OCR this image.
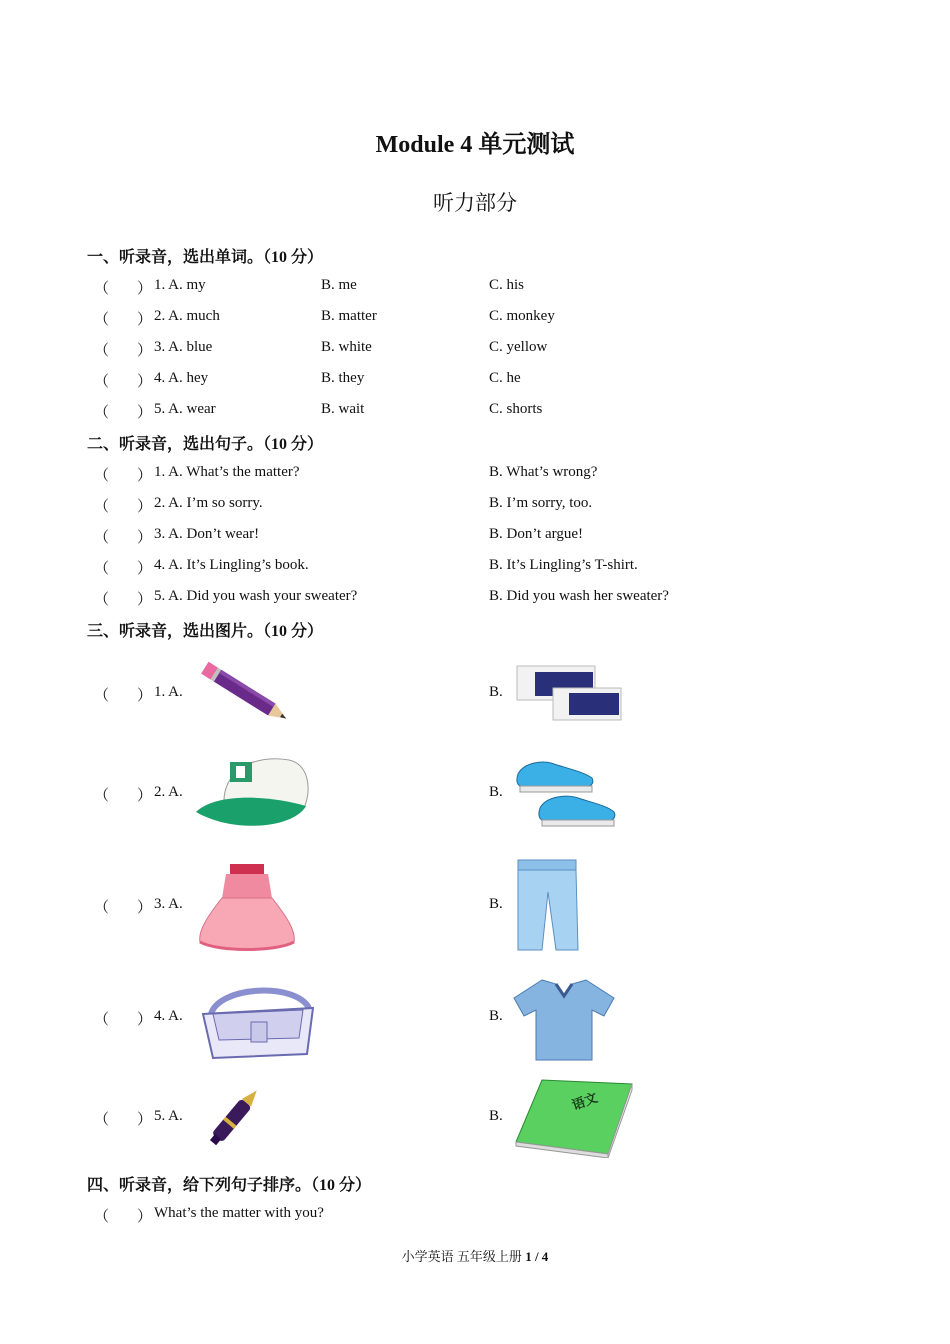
Module 4 单元测试
听力部分
一、听录音，选出单词。（10 分）
（ ） 1. A. my	B. me	C. his
（ ） 2. A. much	B. matter	C. monkey
（ ） 3. A. blue	B. white	C. yellow
（ ） 4. A. hey	B. they	C. he
（ ） 5. A. wear	B. wait	C. shorts
二、听录音，选出句子。（10 分）
（ ） 1. A. What’s the matter?	B. What’s wrong?
（ ） 2. A. I’m so sorry.	B. I’m sorry, too.
（ ） 3. A. Don’t wear!	B. Don’t argue!
（ ） 4. A. It’s Lingling’s book.	B. It’s Lingling’s T-shirt.
（ ） 5. A. Did you wash your sweater?	B. Did you wash her sweater?
三、听录音，选出图片。（10 分）
（ ） 1. A.	B.
（ ） 2. A.	B.
（ ） 3. A.	B.
（ ） 4. A.	B.
（ ） 5. A.	B.
语文
四、听录音，给下列句子排序。（10 分）
（ ） What’s the matter with you?
小学英语 五年级上册 1 / 4
